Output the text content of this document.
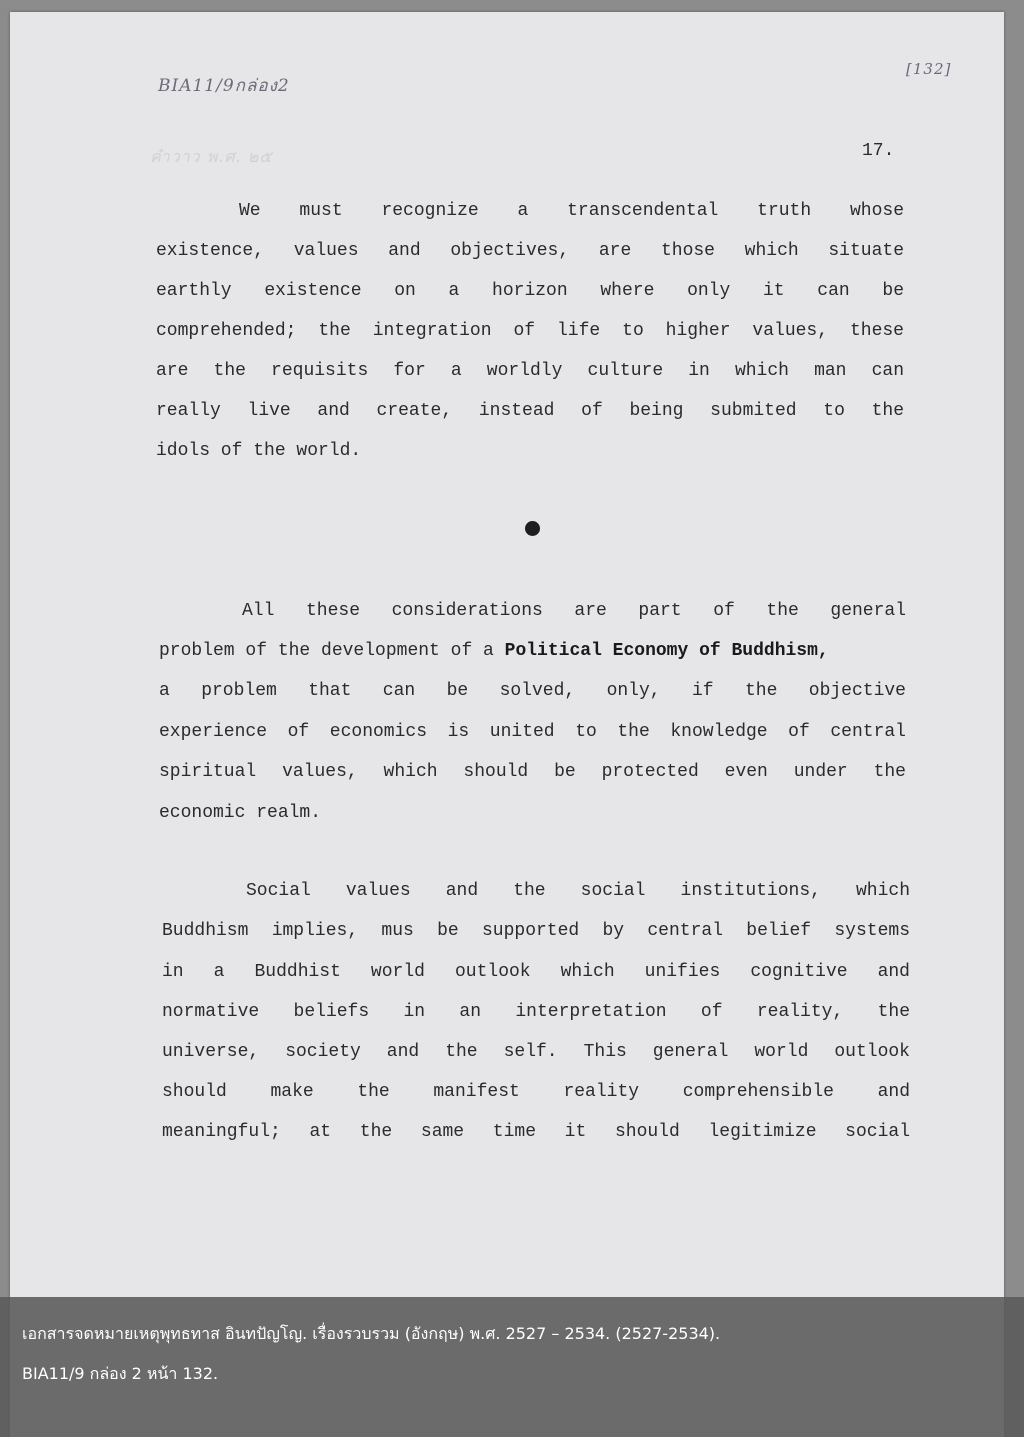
BIA11/9กล่อง2
[132]
คำวาว พ.ศ. ๒๕	17.
We must recognize a transcendental truth whose
existence, values and objectives, are those which situate
earthly existence on a horizon where only it can be
comprehended; the integration of life to higher values, these
are the requisits for a worldly culture in which man can
really live and create, instead of being submited to the
idols of the world.
All these considerations are part of the general
problem of the development of a Political Economy of Buddhism,
a problem that can be solved, only, if the objective
experience of economics is united to the knowledge of central
spiritual values, which should be protected even under the
economic realm.
Social values and the social institutions, which
Buddhism implies, mus be supported by central belief systems
in a Buddhist world outlook which unifies cognitive and
normative beliefs in an interpretation of reality, the
universe, society and the self. This general world outlook
should make the manifest reality comprehensible and
meaningful; at the same time it should legitimize social
เอกสารจดหมายเหตุพุทธทาส อินทปัญโญ. เรื่องรวบรวม (อังกฤษ) พ.ศ. 2527 – 2534. (2527-2534).
BIA11/9 กล่อง 2 หน้า 132.
